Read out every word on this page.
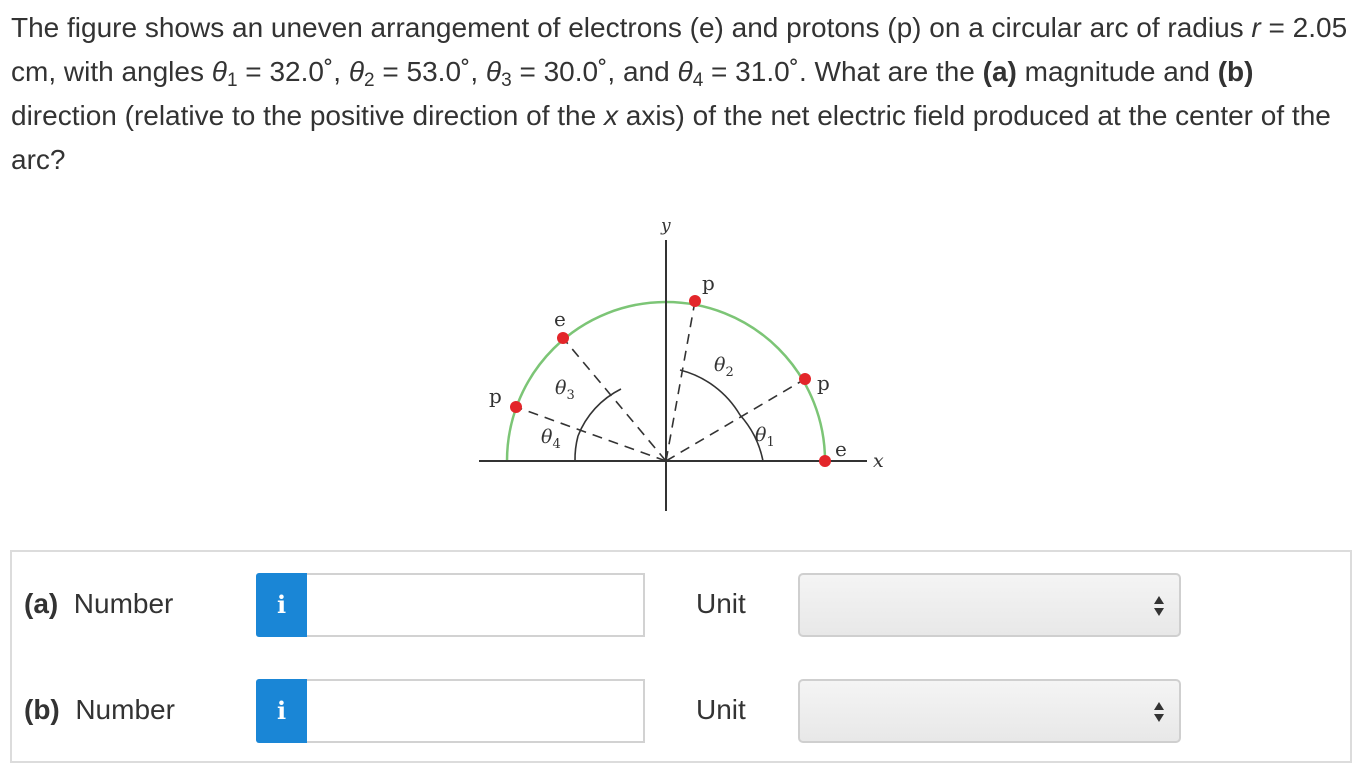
The figure shows an uneven arrangement of electrons (e) and protons (p) on a circular arc of radius r = 2.05 cm, with angles $\theta_1$ = 32.0˚, $\theta_2$ = 53.0˚, $\theta_3$ = 30.0˚, and $\theta_4$ = 31.0˚. What are the (a) magnitude and (b) direction (relative to the positive direction of the x axis) of the net electric field produced at the center of the arc?

y
x
e
p
p
p
e
$\theta_1$
$\theta_2$
$\theta_3$
$\theta_4$
(a) Number	i	Unit
(b) Number	i	Unit
